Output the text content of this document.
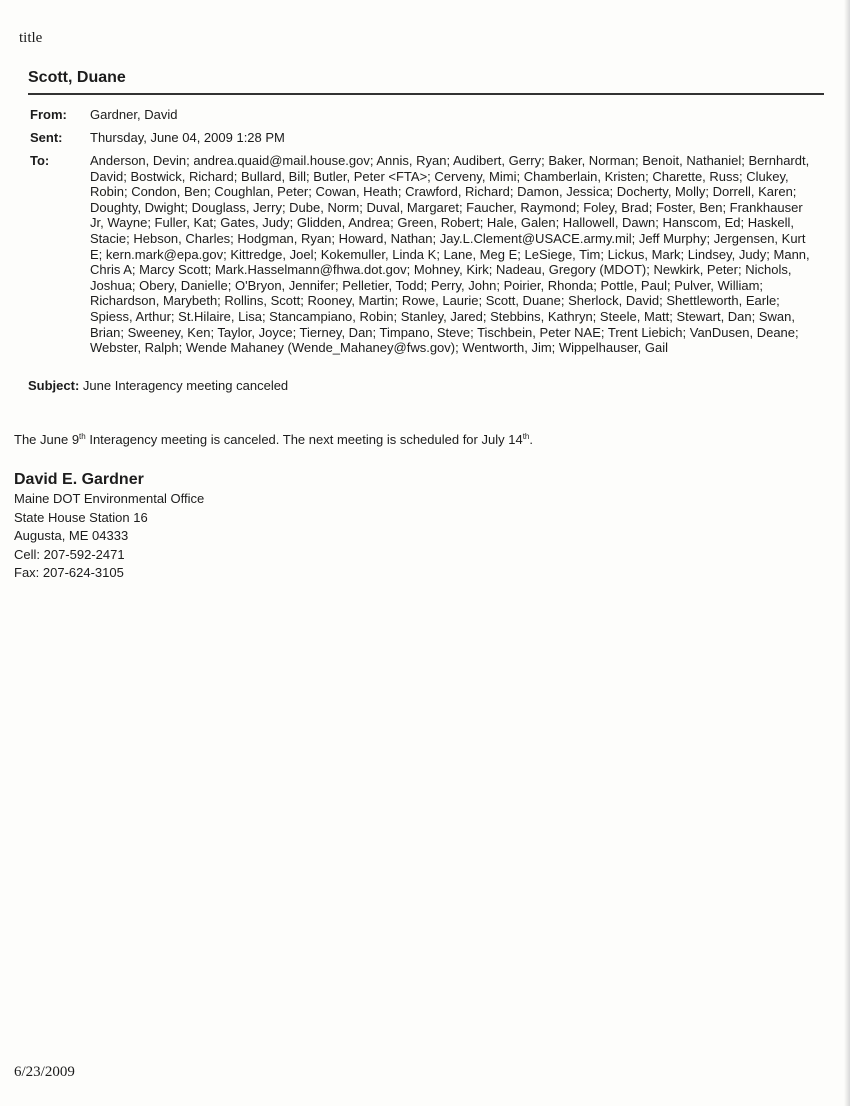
title
Scott, Duane
From: Gardner, David
Sent: Thursday, June 04, 2009 1:28 PM
To:	Anderson, Devin; andrea.quaid@mail.house.gov; Annis, Ryan; Audibert, Gerry; Baker, Norman; Benoit, Nathaniel; Bernhardt, David; Bostwick, Richard; Bullard, Bill; Butler, Peter <FTA>; Cerveny, Mimi; Chamberlain, Kristen; Charette, Russ; Clukey, Robin; Condon, Ben; Coughlan, Peter; Cowan, Heath; Crawford, Richard; Damon, Jessica; Docherty, Molly; Dorrell, Karen; Doughty, Dwight; Douglass, Jerry; Dube, Norm; Duval, Margaret; Faucher, Raymond; Foley, Brad; Foster, Ben; Frankhauser Jr, Wayne; Fuller, Kat; Gates, Judy; Glidden, Andrea; Green, Robert; Hale, Galen; Hallowell, Dawn; Hanscom, Ed; Haskell, Stacie; Hebson, Charles; Hodgman, Ryan; Howard, Nathan; Jay.L.Clement@USACE.army.mil; Jeff Murphy; Jergensen, Kurt E; kern.mark@epa.gov; Kittredge, Joel; Kokemuller, Linda K; Lane, Meg E; LeSiege, Tim; Lickus, Mark; Lindsey, Judy; Mann, Chris A; Marcy Scott; Mark.Hasselmann@fhwa.dot.gov; Mohney, Kirk; Nadeau, Gregory (MDOT); Newkirk, Peter; Nichols, Joshua; Obery, Danielle; O'Bryon, Jennifer; Pelletier, Todd; Perry, John; Poirier, Rhonda; Pottle, Paul; Pulver, William; Richardson, Marybeth; Rollins, Scott; Rooney, Martin; Rowe, Laurie; Scott, Duane; Sherlock, David; Shettleworth, Earle; Spiess, Arthur; St.Hilaire, Lisa; Stancampiano, Robin; Stanley, Jared; Stebbins, Kathryn; Steele, Matt; Stewart, Dan; Swan, Brian; Sweeney, Ken; Taylor, Joyce; Tierney, Dan; Timpano, Steve; Tischbein, Peter NAE; Trent Liebich; VanDusen, Deane; Webster, Ralph; Wende Mahaney (Wende_Mahaney@fws.gov); Wentworth, Jim; Wippelhauser, Gail
Subject: June Interagency meeting canceled
The June 9th Interagency meeting is canceled. The next meeting is scheduled for July 14th.
David E. Gardner
Maine DOT Environmental Office
State House Station 16
Augusta, ME 04333
Cell: 207-592-2471
Fax: 207-624-3105
6/23/2009
